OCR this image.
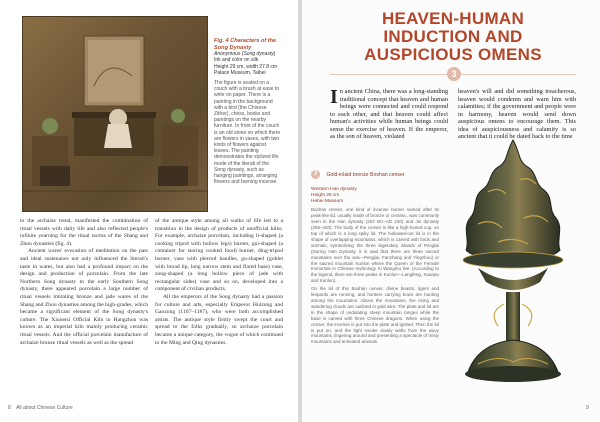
Fig. 4 Characters of the Song Dynasty
Anonymous (Song dynasty)
Ink and color on silk
Height 29 cm, width 27.8 cm
Palace Museum, Taibei
The figure is seated on a couch with a brush at ease to write on paper. There is a painting in the background with a bird (the Chinese Zither), chess, books and paintings on the nearby furniture. In front of the couch is an old stone on which there are flowers in vases, with two kinds of flowers against leaves. The painting demonstrates the stylized life mode of the literati of the Song dynasty, such as hanging paintings, arranging flowers and burning incense.

to the archaize trend, manifested the combination of ritual vessels with daily life and also reflected people's infinite yearning for the ritual norms of the Shang and Zhou dynasties (fig. 4).

Ancient wares' evocation of meditation on the past and ideal sustenance not only influenced the literati's taste in wares, but also had a profound impact on the design and production of porcelain. From the late Northern Song dynasty to the early Southern Song dynasty, there appeared porcelain a large number of ritual vessels imitating bronze and jade wares of the Shang and Zhou dynasties among the high-grades, which became a significant element of the Song dynasty's culture. The Xiuneisi Official Kiln in Hangzhou was known as an imperial kiln mainly producing ceramic ritual vessels. And the official porcelain manufacture of archaize bronze ritual vessels as well as the spread

of the antique style among all walks of life led to a transition in the design of products of unofficial kilns. For example, archaize porcelain, including li-shaped (a cooking tripod with hollow legs) burner, gui-shaped (a container for storing cooked food) burner, ding-tripod burner, vase with pierced handles, gu-shaped (goblet with broad lip, long narrow stem and flared base) vase, zong-shaped (a long hollow piece of jade with rectangular sides) vase and so on, developed into a component of civilian products.

All the emperors of the Song dynasty had a passion for culture and arts, especially Emperor Huizong and Gaozong (1107–1187), who were both accomplished artists. The antique style firstly swept the court and spread to the folks gradually, so archaize porcelain became a unique category, the vogue of which continued to the Ming and Qing dynasties.

8 All about Chinese Culture
HEAVEN-HUMAN
INDUCTION AND
AUSPICIOUS OMENS
3
In ancient China, there was a long-standing traditional concept that heaven and human beings were connected and could respond to each other, and that heaven could affect human's activities while human beings could sense the exercise of heaven. If the emperor, as the son of heaven, violated
heaven's will and did something treacherous, heaven would condemn and warn him with calamities; if the government and people were in harmony, heaven would send down auspicious omens to encourage them. This idea of auspiciousness and calamity is so ancient that it could be dated back to the time
3 Gold-inlaid bronze Boshan censer
Western Han dynasty
Height 26 cm
Hebei Museum

Boshan censer, one kind of incense burner named after its peak-like lid, usually made of bronze or ceramic, was commonly seen in the Han dynasty (202 BC–AD 220) and Jin dynasty (265–420). The body of the censer is like a high-footed cup, on top of which is a long spiky lid. The hollowed-out lid is in the shape of overlapping mountains, which is carved with birds and animals, symbolizing the three legendary islands of Penglai (During Han Dynasty, it is said that there are three sacred mountains over the sea—Penglai, Fanzhang and Yingzhou) or the sacred mountain Kunlun where the Queen of the Female Immortals in Chinese mythology Xi Wangmu live. (According to the legend, there are three peaks in Kunlun—Langfeng, Xuanpu and Kunlun).

On the lid of this Boshan censer, divine beasts, tigers and leopards are running, and hunters carrying bows are hunting among the mountains. Above the mountains, the rising and wandering clouds are outlined in gold wire. The plate and lid are in the shape of undulating steep mountain ranges while the base is carved with three Chinese dragons. When using the censer, the incense is put into the plate and ignited. Then the lid is put on, and the light smoke slowly wafts from the wavy mountains, lingering around and presenting a spectacle of misty mountains and animated animals.

9
